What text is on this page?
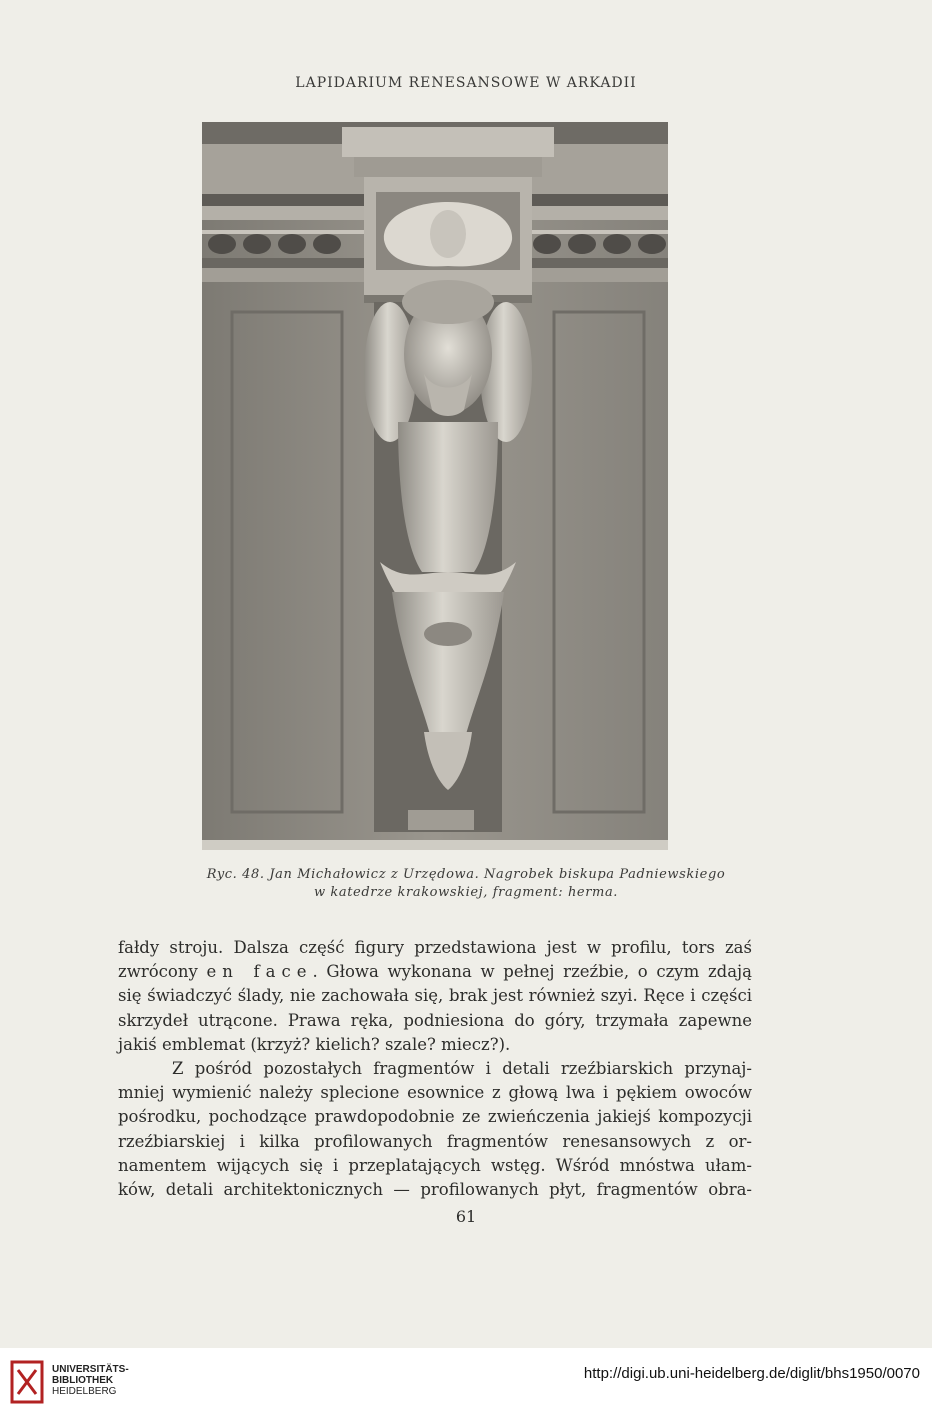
LAPIDARIUM RENESANSOWE W ARKADII
Ryc. 48. Jan Michałowicz z Urzędowa. Nagrobek biskupa Padniewskiego
w katedrze krakowskiej, fragment: herma.
fałdy stroju. Dalsza część figury przedstawiona jest w profilu, tors zaś
zwrócony en face. Głowa wykonana w pełnej rzeźbie, o czym zdają
się świadczyć ślady, nie zachowała się, brak jest również szyi. Ręce i części
skrzydeł utrącone. Prawa ręka, podniesiona do góry, trzymała zapewne
jakiś emblemat (krzyż? kielich? szale? miecz?).
Z pośród pozostałych fragmentów i detali rzeźbiarskich przynaj-
mniej wymienić należy splecione esownice z głową lwa i pękiem owoców
pośrodku, pochodzące prawdopodobnie ze zwieńczenia jakiejś kompozycji
rzeźbiarskiej i kilka profilowanych fragmentów renesansowych z or-
namentem wijących się i przeplatających wstęg. Wśród mnóstwa ułam-
ków, detali architektonicznych — profilowanych płyt, fragmentów obra-
61
UNIVERSITÄTS-
BIBLIOTHEK
HEIDELBERG
http://digi.ub.uni-heidelberg.de/diglit/bhs1950/0070
